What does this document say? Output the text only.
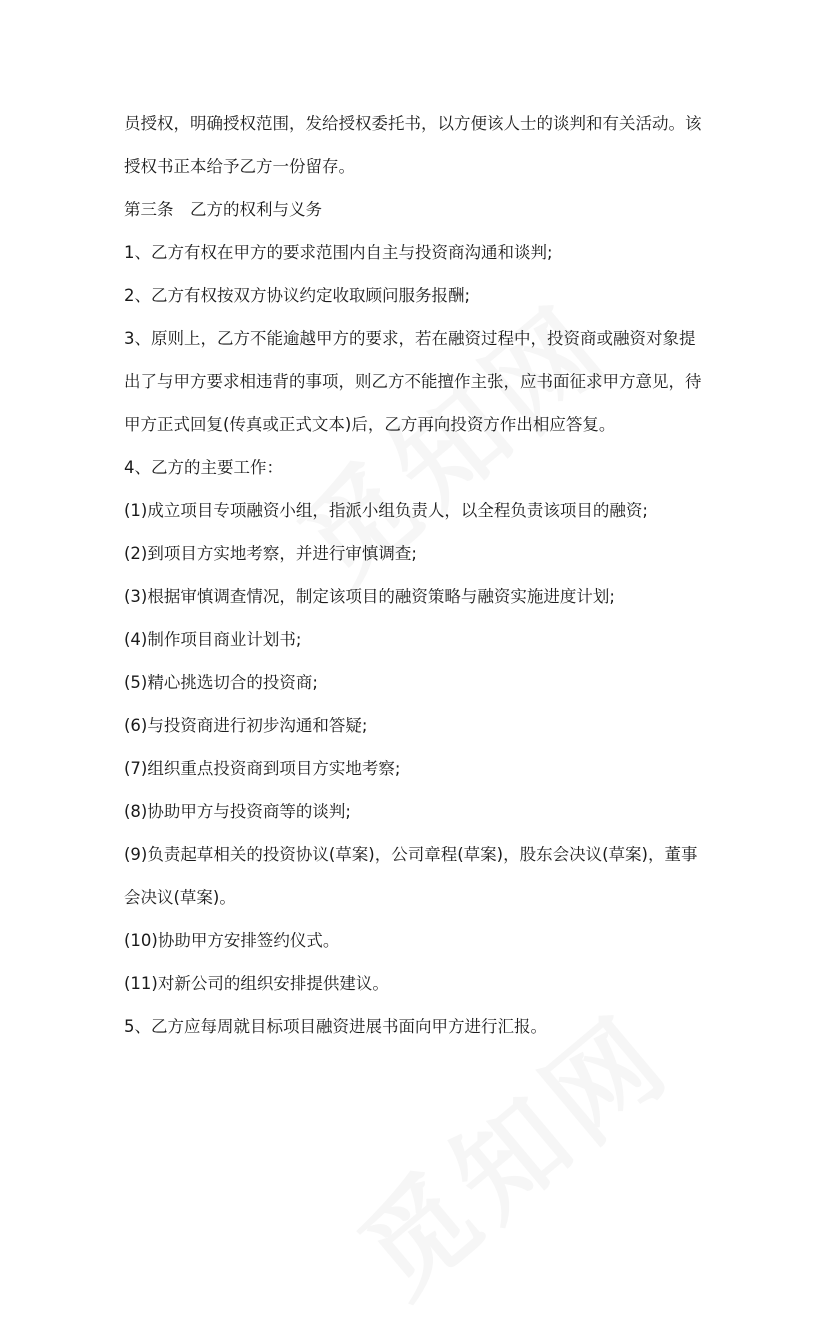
员授权，明确授权范围，发给授权委托书，以方便该人士的谈判和有关活动。该
授权书正本给予乙方一份留存。
第三条　乙方的权利与义务
1、乙方有权在甲方的要求范围内自主与投资商沟通和谈判;
2、乙方有权按双方协议约定收取顾问服务报酬;
3、原则上，乙方不能逾越甲方的要求，若在融资过程中，投资商或融资对象提
出了与甲方要求相违背的事项，则乙方不能擅作主张，应书面征求甲方意见，待
甲方正式回复(传真或正式文本)后，乙方再向投资方作出相应答复。
4、乙方的主要工作：
(1)成立项目专项融资小组，指派小组负责人，以全程负责该项目的融资;
(2)到项目方实地考察，并进行审慎调查;
(3)根据审慎调查情况，制定该项目的融资策略与融资实施进度计划;
(4)制作项目商业计划书;
(5)精心挑选切合的投资商;
(6)与投资商进行初步沟通和答疑;
(7)组织重点投资商到项目方实地考察;
(8)协助甲方与投资商等的谈判;
(9)负责起草相关的投资协议(草案)，公司章程(草案)，股东会决议(草案)，董事
会决议(草案)。
(10)协助甲方安排签约仪式。
(11)对新公司的组织安排提供建议。
5、乙方应每周就目标项目融资进展书面向甲方进行汇报。
